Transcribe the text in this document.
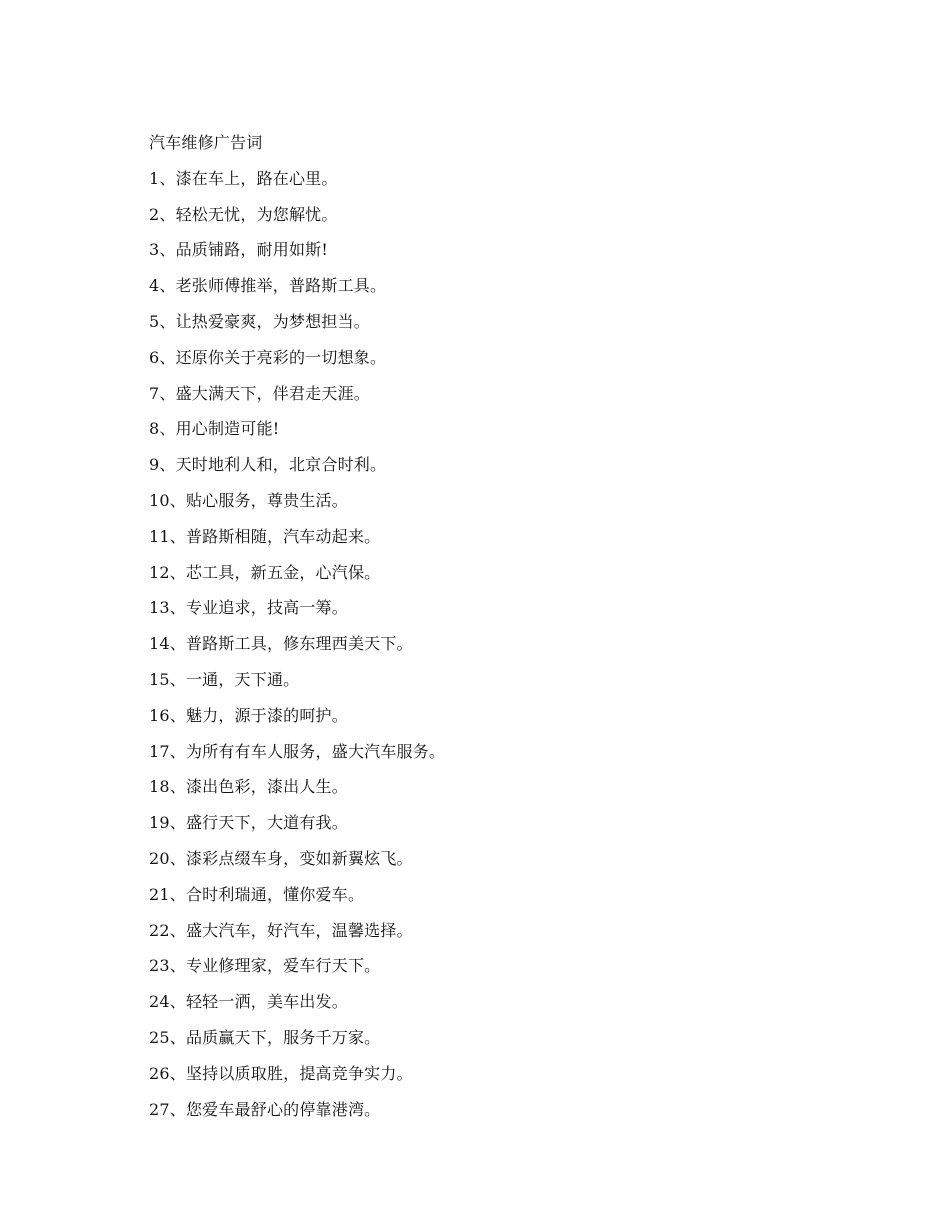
汽车维修广告词
1、漆在车上，路在心里。
2、轻松无忧，为您解忧。
3、品质铺路，耐用如斯!
4、老张师傅推举，普路斯工具。
5、让热爱豪爽，为梦想担当。
6、还原你关于亮彩的一切想象。
7、盛大满天下，伴君走天涯。
8、用心制造可能!
9、天时地利人和，北京合时利。
10、贴心服务，尊贵生活。
11、普路斯相随，汽车动起来。
12、芯工具，新五金，心汽保。
13、专业追求，技高一筹。
14、普路斯工具，修东理西美天下。
15、一通，天下通。
16、魅力，源于漆的呵护。
17、为所有有车人服务，盛大汽车服务。
18、漆出色彩，漆出人生。
19、盛行天下，大道有我。
20、漆彩点缀车身，变如新翼炫飞。
21、合时利瑞通，懂你爱车。
22、盛大汽车，好汽车，温馨选择。
23、专业修理家，爱车行天下。
24、轻轻一洒，美车出发。
25、品质赢天下，服务千万家。
26、坚持以质取胜，提高竞争实力。
27、您爱车最舒心的停靠港湾。
